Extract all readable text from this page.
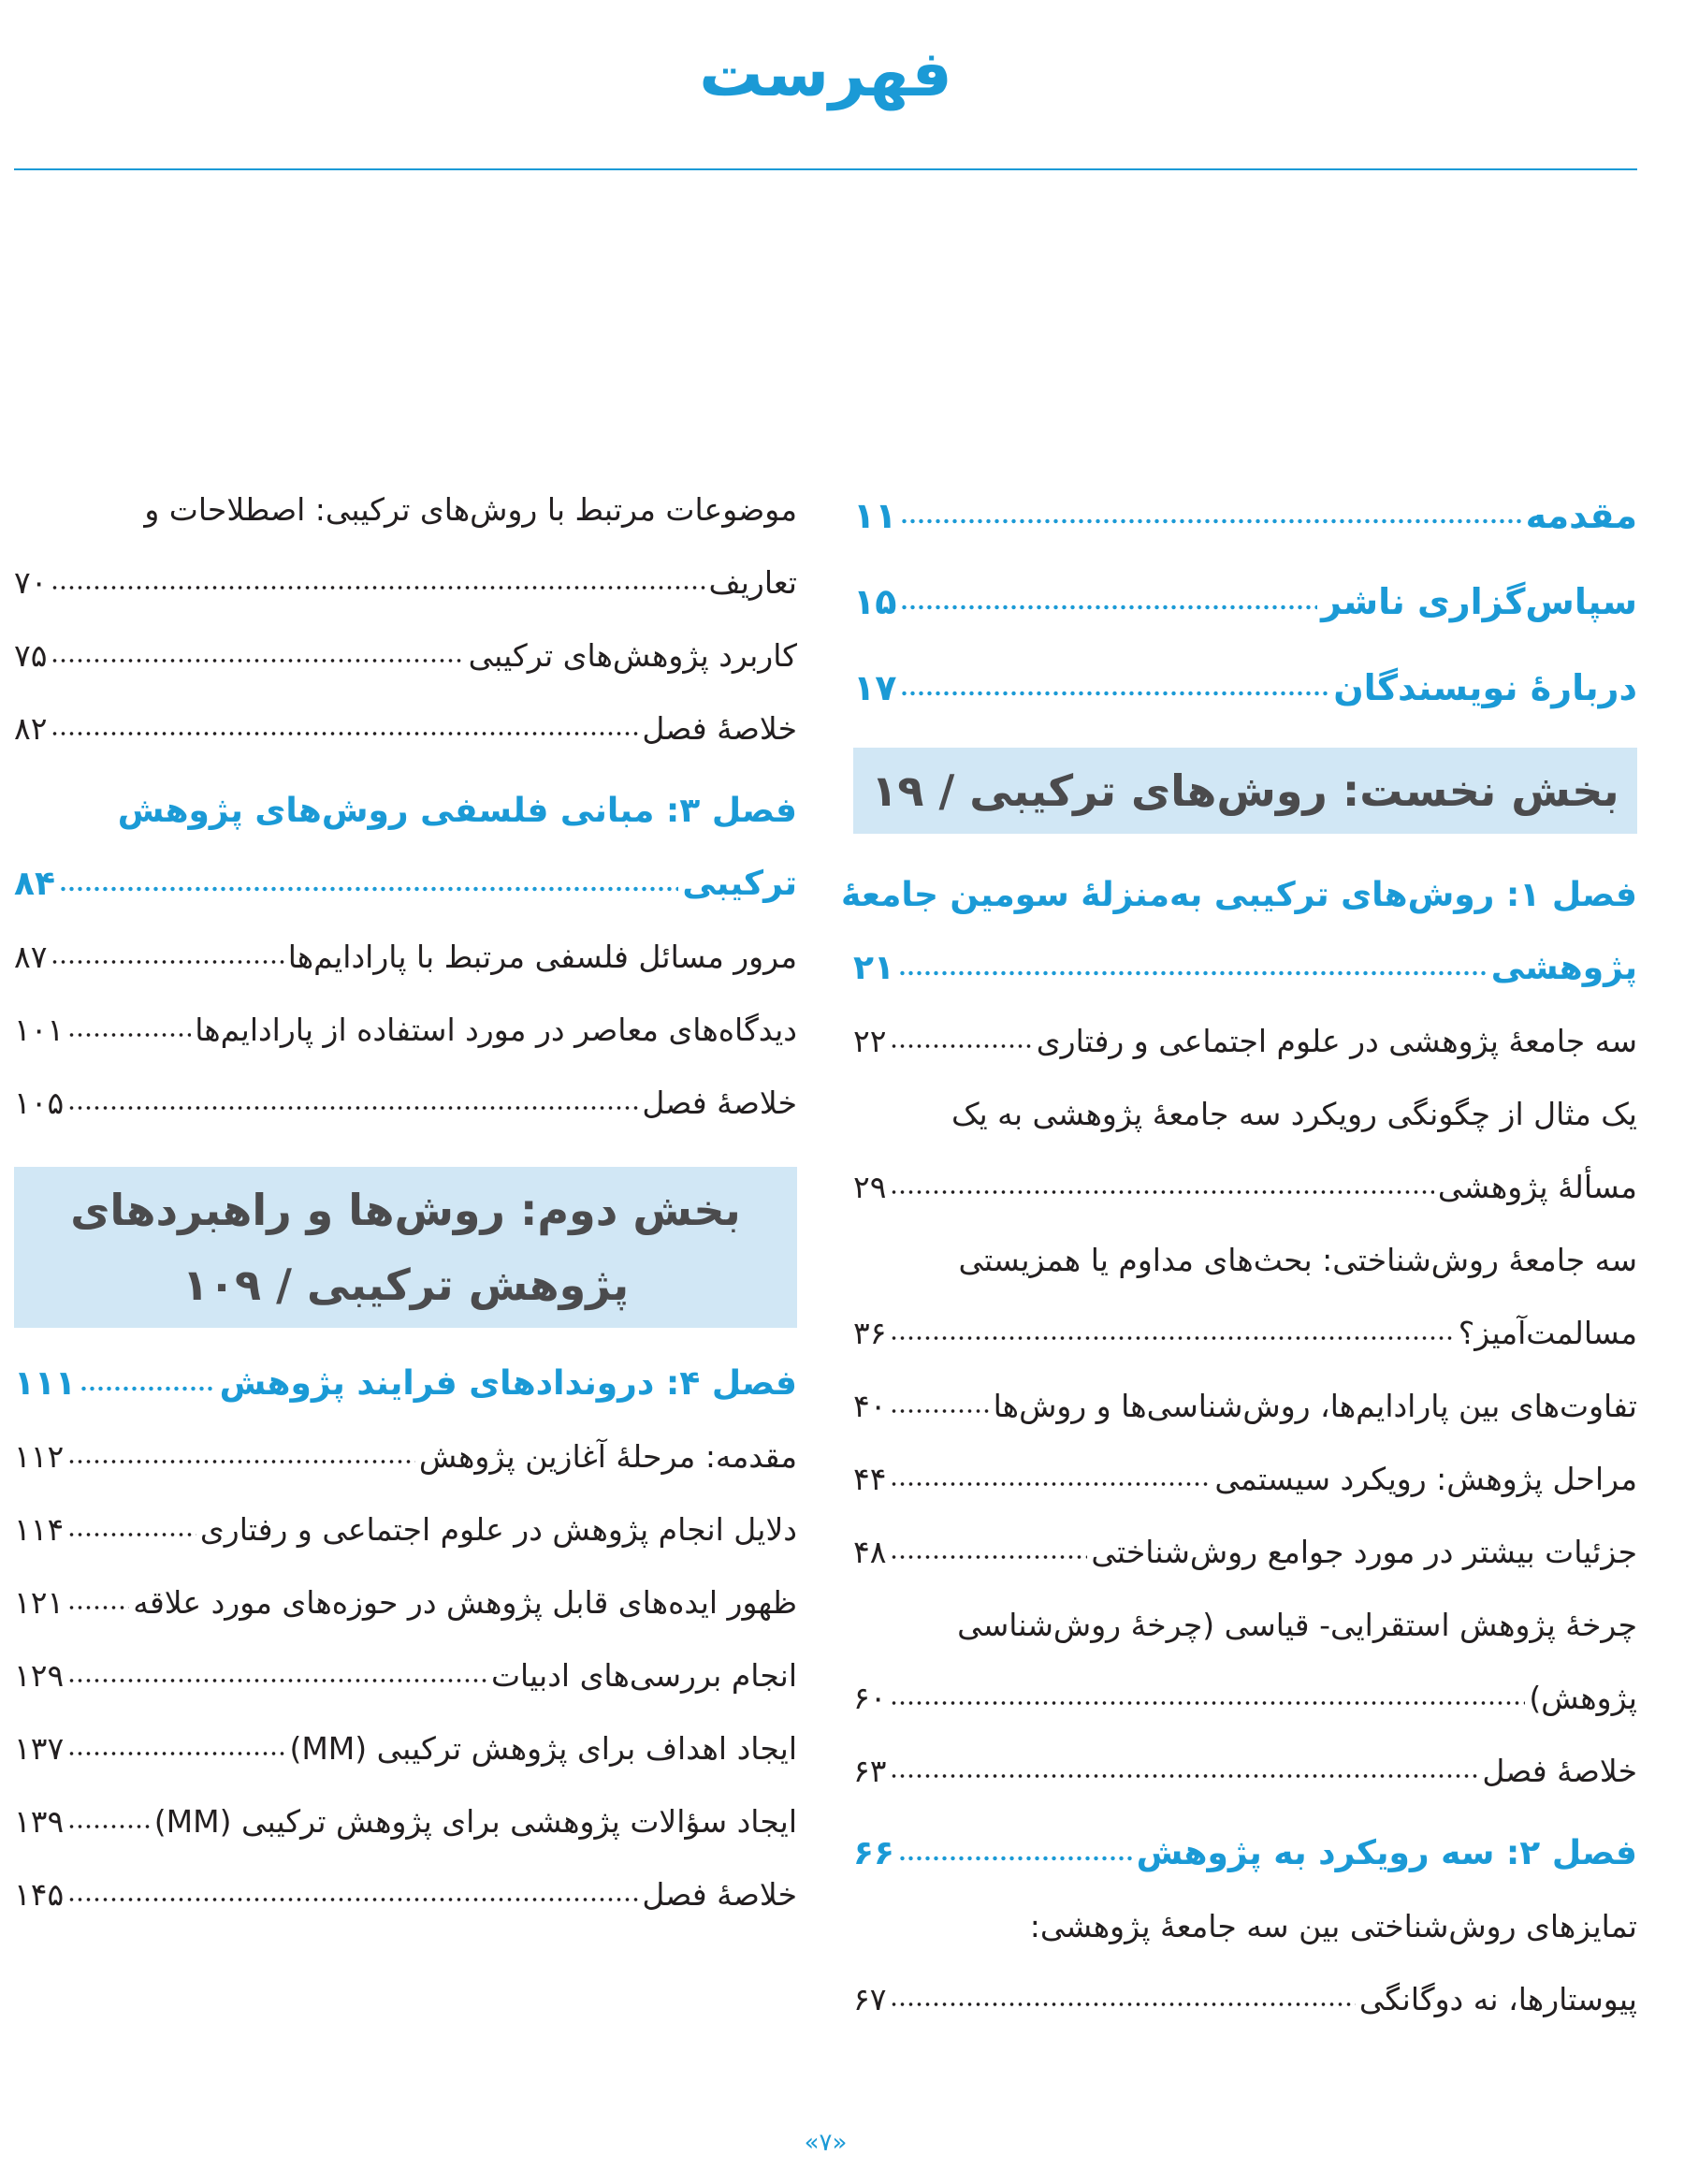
فهرست
مقدمه
۱۱
سپاس‌گزاری ناشر
۱۵
دربارهٔ نویسندگان
۱۷
بخش نخست: روش‌های ترکیبی / ۱۹
فصل ۱: روش‌های ترکیبی به‌منزلهٔ سومین جامعهٔ
پژوهشی
۲۱
سه جامعهٔ پژوهشی در علوم اجتماعی و رفتاری
۲۲
یک مثال از چگونگی رویکرد سه جامعهٔ پژوهشی به یک
مسألهٔ پژوهشی
۲۹
سه جامعهٔ روش‌شناختی: بحث‌های مداوم یا همزیستی
مسالمت‌آمیز؟
۳۶
تفاوت‌های بین پارادایم‌ها، روش‌شناسی‌ها و روش‌ها
۴۰
مراحل پژوهش: رویکرد سیستمی
۴۴
جزئیات بیشتر در مورد جوامع روش‌شناختی
۴۸
چرخهٔ پژوهش استقرایی- قیاسی (چرخهٔ روش‌شناسی
پژوهش)
۶۰
خلاصهٔ فصل
۶۳
فصل ۲: سه رویکرد به پژوهش
۶۶
تمایزهای روش‌شناختی بین سه جامعهٔ پژوهشی:
پیوستارها، نه دوگانگی
۶۷
موضوعات مرتبط با روش‌های ترکیبی: اصطلاحات و
تعاریف
۷۰
کاربرد پژوهش‌های ترکیبی
۷۵
خلاصهٔ فصل
۸۲
فصل ۳: مبانی فلسفی روش‌های پژوهش
ترکیبی
۸۴
مرور مسائل فلسفی مرتبط با پارادایم‌ها
۸۷
دیدگاه‌های معاصر در مورد استفاده از پارادایم‌ها
۱۰۱
خلاصهٔ فصل
۱۰۵
بخش دوم: روش‌ها و راهبردهای پژوهش ترکیبی / ۱۰۹
فصل ۴: دروندادهای فرایند پژوهش
۱۱۱
مقدمه: مرحلهٔ آغازین پژوهش
۱۱۲
دلایل انجام پژوهش در علوم اجتماعی و رفتاری
۱۱۴
ظهور ایده‌های قابل پژوهش در حوزه‌های مورد علاقه
۱۲۱
انجام بررسی‌های ادبیات
۱۲۹
ایجاد اهداف برای پژوهش ترکیبی (MM)
۱۳۷
ایجاد سؤالات پژوهشی برای پژوهش ترکیبی (MM)
۱۳۹
خلاصهٔ فصل
۱۴۵
«۷»
